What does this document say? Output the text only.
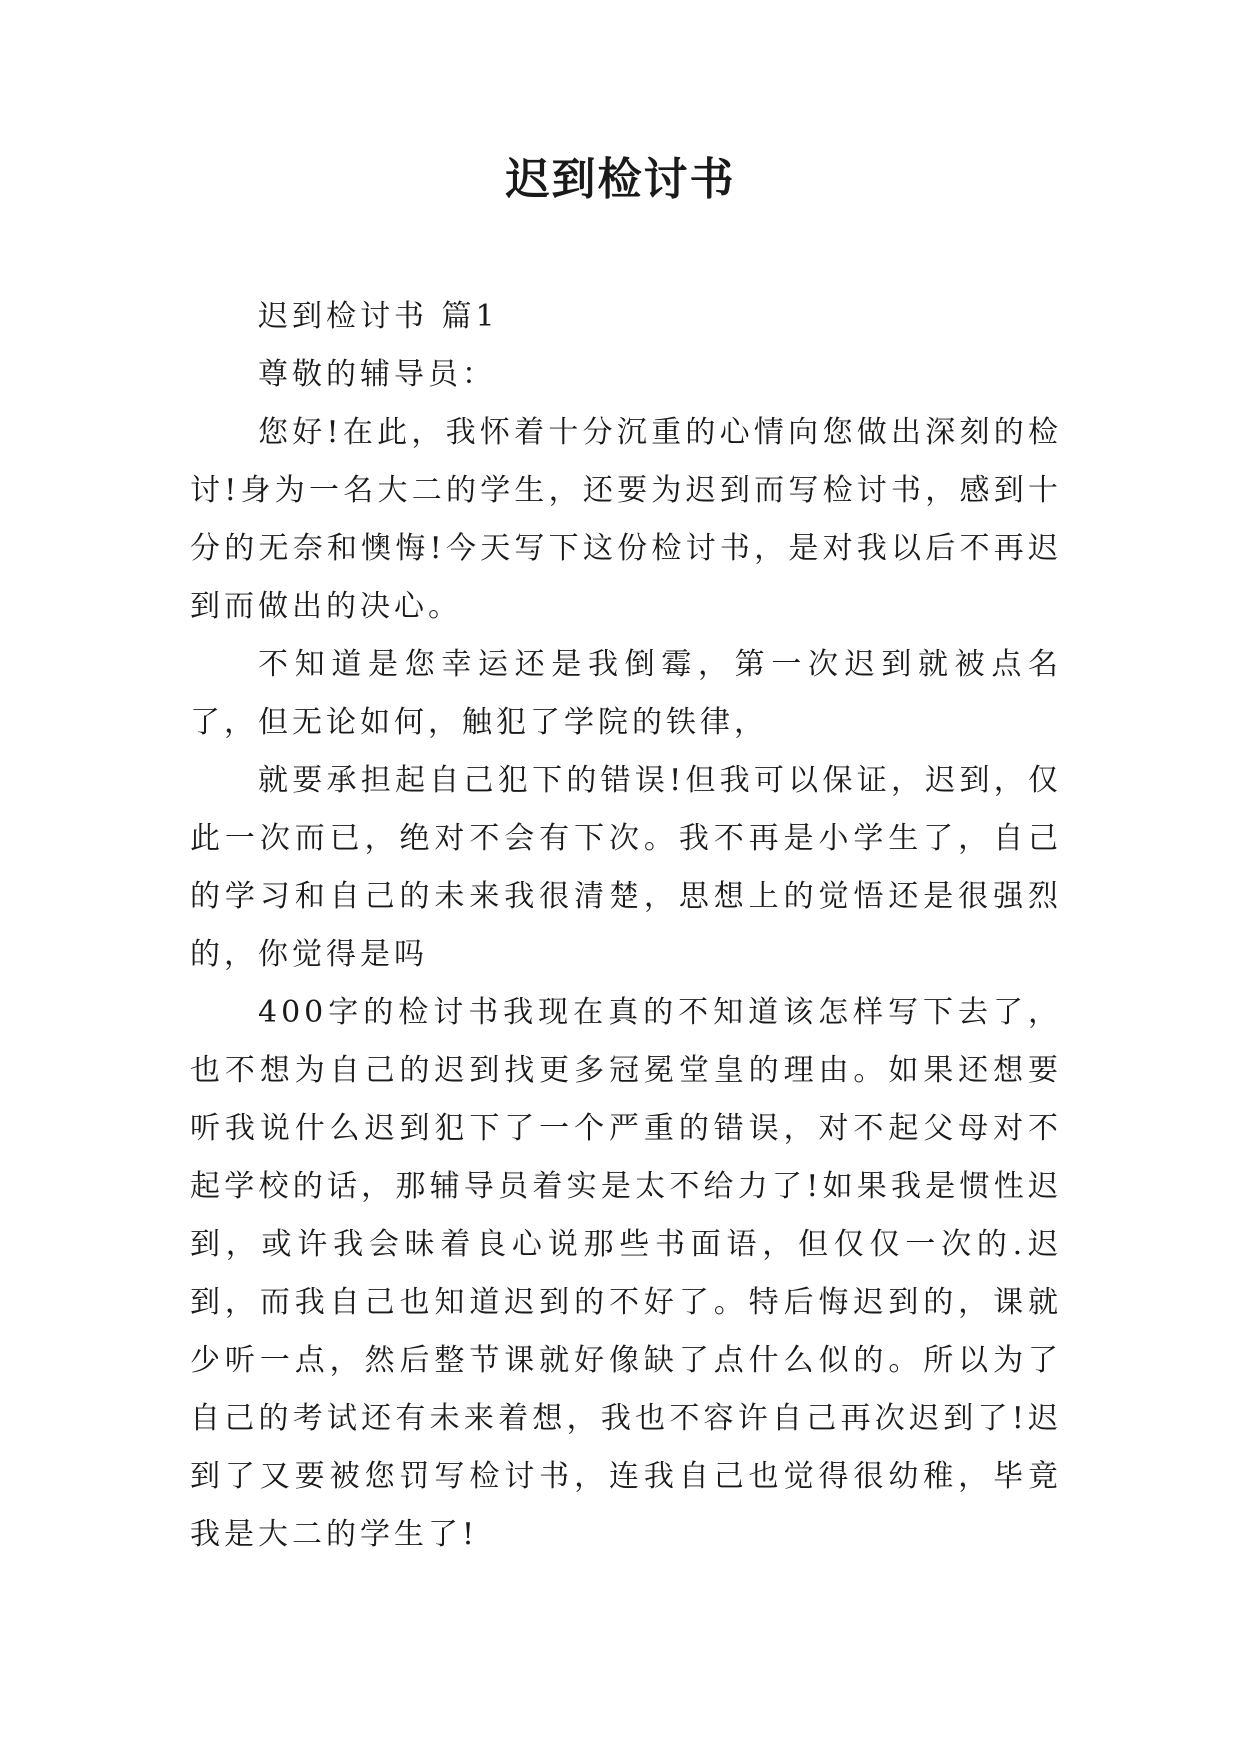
迟到检讨书

迟到检讨书 篇1

尊敬的辅导员：

您好!在此，我怀着十分沉重的心情向您做出深刻的检讨!身为一名大二的学生，还要为迟到而写检讨书，感到十分的无奈和懊悔!今天写下这份检讨书，是对我以后不再迟到而做出的决心。

不知道是您幸运还是我倒霉，第一次迟到就被点名了，但无论如何，触犯了学院的铁律，

就要承担起自己犯下的错误!但我可以保证，迟到，仅此一次而已，绝对不会有下次。我不再是小学生了，自己的学习和自己的未来我很清楚，思想上的觉悟还是很强烈的，你觉得是吗

400字的检讨书我现在真的不知道该怎样写下去了，也不想为自己的迟到找更多冠冕堂皇的理由。如果还想要听我说什么迟到犯下了一个严重的错误，对不起父母对不起学校的话，那辅导员着实是太不给力了!如果我是惯性迟到，或许我会昧着良心说那些书面语，但仅仅一次的.迟到，而我自己也知道迟到的不好了。特后悔迟到的，课就少听一点，然后整节课就好像缺了点什么似的。所以为了自己的考试还有未来着想，我也不容许自己再次迟到了!迟到了又要被您罚写检讨书，连我自己也觉得很幼稚，毕竟我是大二的学生了!
